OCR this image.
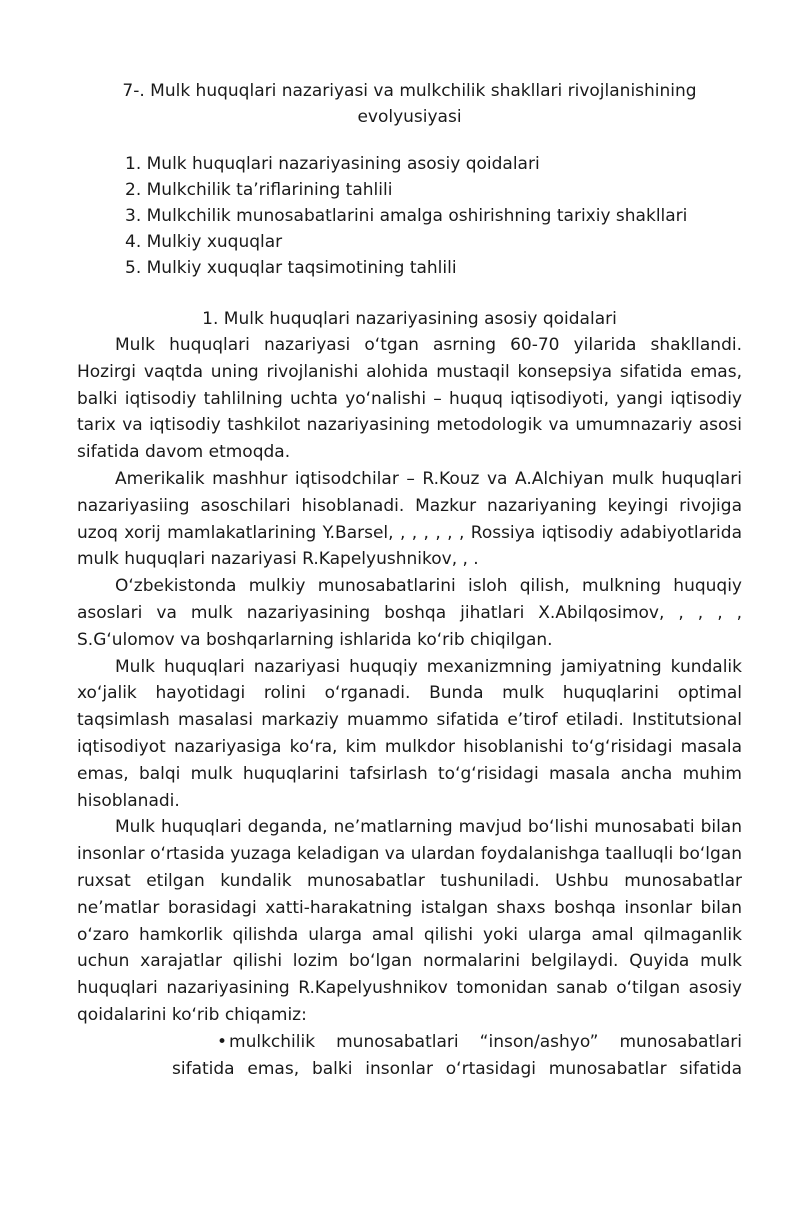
7-. Mulk huquqlari nazariyasi va mulkchilik shakllari rivojlanishining evolyusiyasi
1. Mulk huquqlari nazariyasining asosiy qoidalari
2. Mulkchilik ta’riflarining tahlili
3. Mulkchilik munosabatlarini amalga oshirishning tarixiy shakllari
4. Mulkiy xuquqlar
5. Mulkiy xuquqlar taqsimotining tahlili
1. Mulk huquqlari nazariyasining asosiy qoidalari

Mulk huquqlari nazariyasi o‘tgan asrning 60-70 yilarida shakllandi. Hozirgi vaqtda uning rivojlanishi alohida mustaqil konsepsiya sifatida emas, balki iqtisodiy tahlilning uchta yo‘nalishi – huquq iqtisodiyoti, yangi iqtisodiy tarix va iqtisodiy tashkilot nazariyasining metodologik va umumnazariy asosi sifatida davom etmoqda.

Amerikalik mashhur iqtisodchilar – R.Kouz va A.Alchiyan mulk huquqlari nazariyasiing asoschilari hisoblanadi. Mazkur nazariyaning keyingi rivojiga uzoq xorij mamlakatlarining Y.Barsel, , , , , , , Rossiya iqtisodiy adabiyotlarida mulk huquqlari nazariyasi R.Kapelyushnikov, , .

O‘zbekistonda mulkiy munosabatlarini isloh qilish, mulkning huquqiy asoslari va mulk nazariyasining boshqa jihatlari X.Abilqosimov, , , , , S.G‘ulomov va boshqarlarning ishlarida ko‘rib chiqilgan.

Mulk huquqlari nazariyasi huquqiy mexanizmning jamiyatning kundalik xo‘jalik hayotidagi rolini o‘rganadi. Bunda mulk huquqlarini optimal taqsimlash masalasi markaziy muammo sifatida e’tirof etiladi. Institutsional iqtisodiyot nazariyasiga ko‘ra, kim mulkdor hisoblanishi to‘g‘risidagi masala emas, balqi mulk huquqlarini tafsirlash to‘g‘risidagi masala ancha muhim hisoblanadi.

Mulk huquqlari deganda, ne’matlarning mavjud bo‘lishi munosabati bilan insonlar o‘rtasida yuzaga keladigan va ulardan foydalanishga taalluqli bo‘lgan ruxsat etilgan kundalik munosabatlar tushuniladi. Ushbu munosabatlar ne’matlar borasidagi xatti-harakatning istalgan shaxs boshqa insonlar bilan o‘zaro hamkorlik qilishda ularga amal qilishi yoki ularga amal qilmaganlik uchun xarajatlar qilishi lozim bo‘lgan normalarini belgilaydi. Quyida mulk huquqlari nazariyasining R.Kapelyushnikov tomonidan sanab o‘tilgan asosiy qoidalarini ko‘rib chiqamiz:

• mulkchilik munosabatlari “inson/ashyo” munosabatlari
sifatida emas, balki insonlar o‘rtasidagi munosabatlar sifatida
